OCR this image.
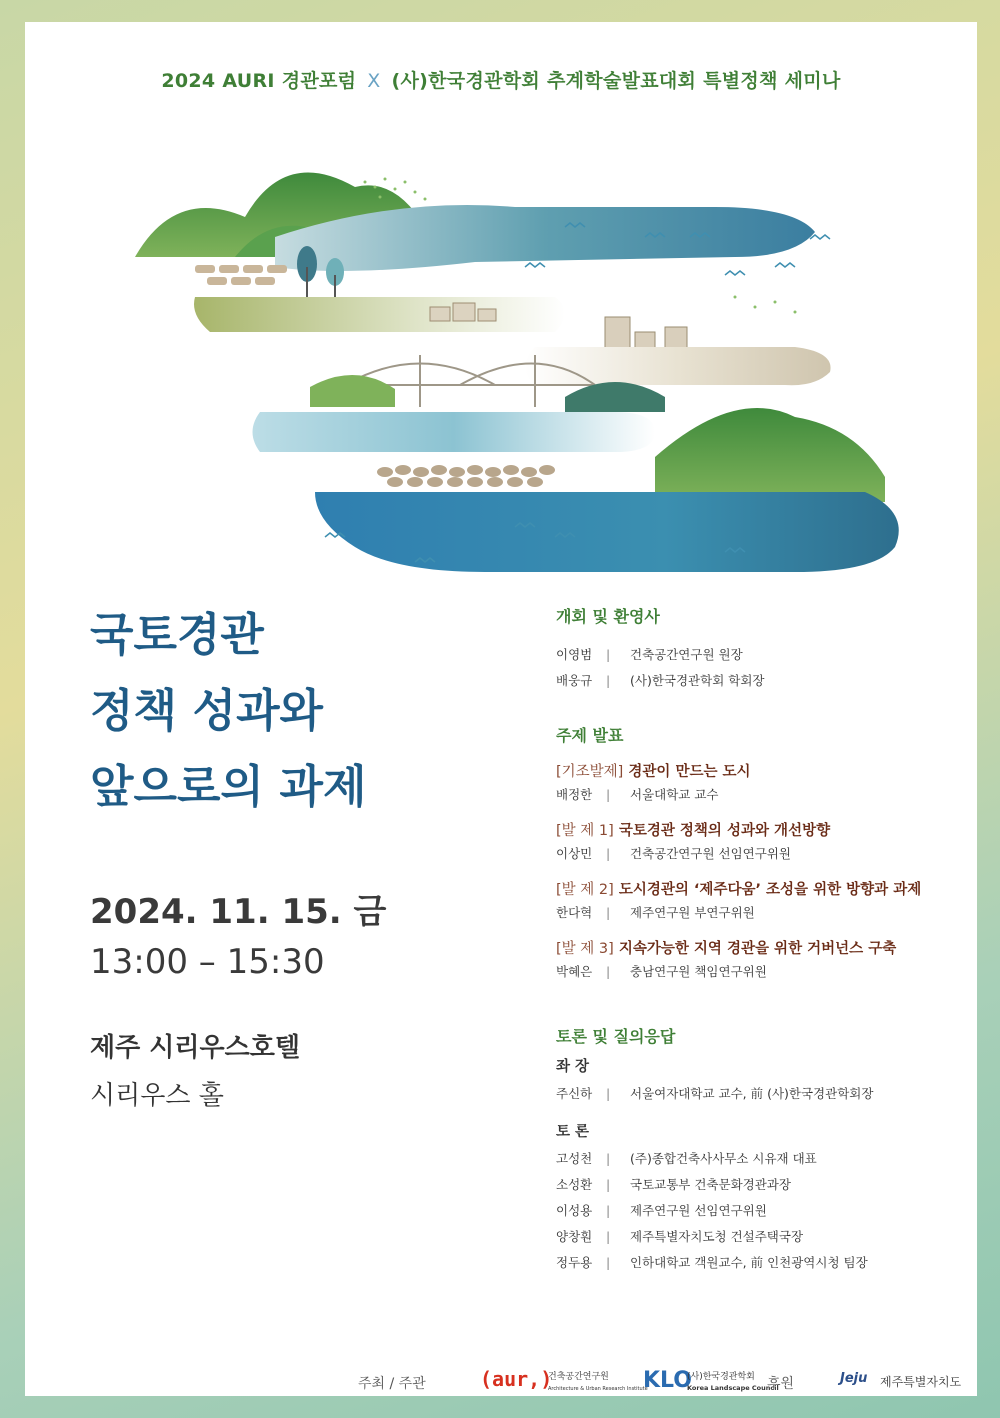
2024 AURI 경관포럼 X (사)한국경관학회 추계학술발표대회 특별정책 세미나
국토경관
정책 성과와
앞으로의 과제
2024. 11. 15. 금
13:00 – 15:30
제주 시리우스호텔
시리우스 홀
개회 및 환영사
이영범	|	건축공간연구원 원장
배웅규	|	(사)한국경관학회 학회장
주제 발표
[기조발제] 경관이 만드는 도시
배정한	|	서울대학교 교수
[발 제 1] 국토경관 정책의 성과와 개선방향
이상민	|	건축공간연구원 선임연구위원
[발 제 2] 도시경관의 ‘제주다움’ 조성을 위한 방향과 과제
한다혁	|	제주연구원 부연구위원
[발 제 3] 지속가능한 지역 경관을 위한 거버넌스 구축
박혜은	|	충남연구원 책임연구위원
토론 및 질의응답
좌 장
주신하	|	서울여자대학교 교수, 前 (사)한국경관학회장
토 론
고성천	|	(주)종합건축사사무소 시유재 대표
소성환	|	국토교통부 건축문화경관과장
이성용	|	제주연구원 선임연구위원
양창훤	|	제주특별자치도청 건설주택국장
정두용	|	인하대학교 객원교수, 前 인천광역시청 팀장
주최 / 주관	(aur,)
건축공간연구원
Architecture & Urban Research Institute
KLO
(사)한국경관학회
Korea Landscape Council
후원	Jeju 제주특별자치도
